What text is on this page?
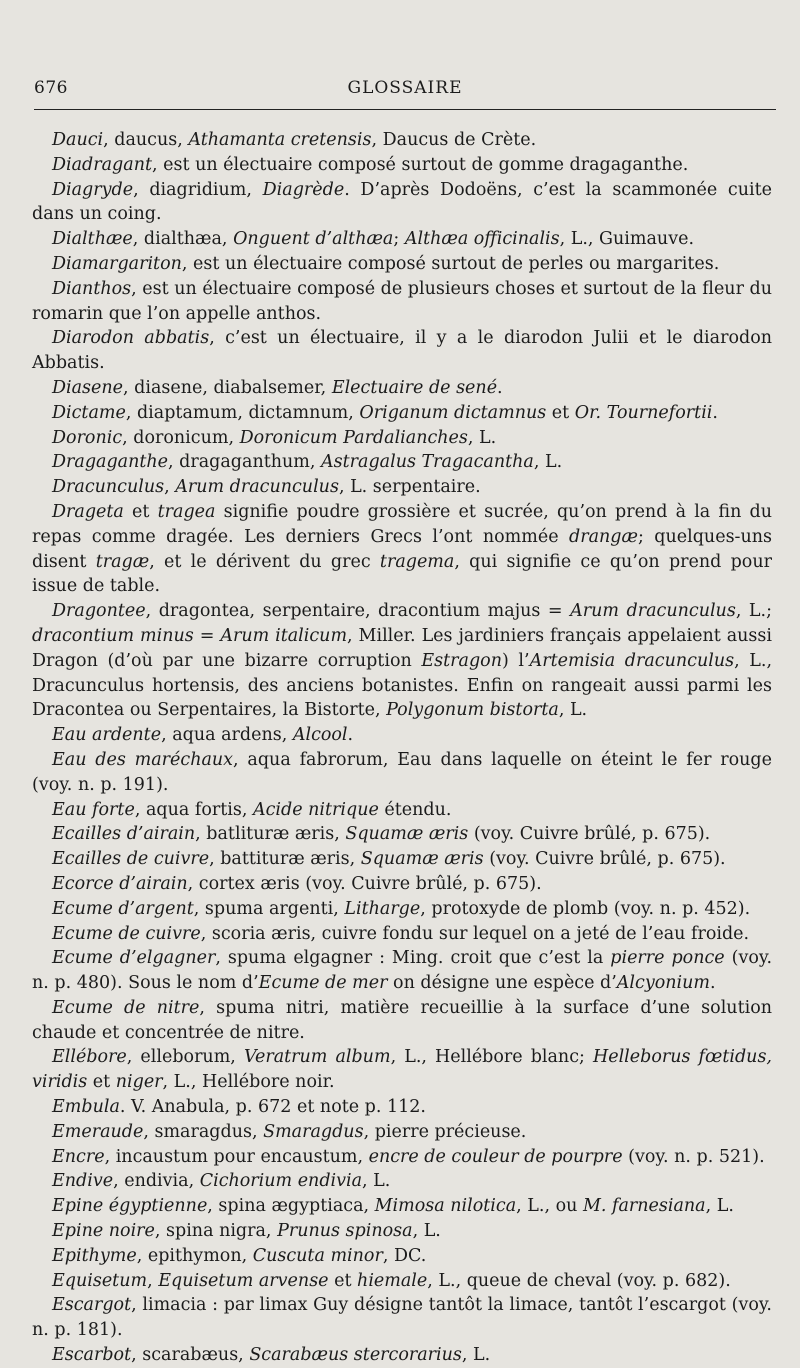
676	GLOSSAIRE

Dauci, daucus, Athamanta cretensis, Daucus de Crète.

Diadragant, est un électuaire composé surtout de gomme dragaganthe.

Diagryde, diagridium, Diagrède. D’après Dodoëns, c’est la scammonée cuite dans un coing.

Dialthæe, dialthæa, Onguent d’althæa; Althæa officinalis, L., Guimauve.

Diamargariton, est un électuaire composé surtout de perles ou margarites.

Dianthos, est un électuaire composé de plusieurs choses et surtout de la fleur du romarin que l’on appelle anthos.

Diarodon abbatis, c’est un électuaire, il y a le diarodon Julii et le diarodon Abbatis.

Diasene, diasene, diabalsemer, Electuaire de sené.

Dictame, diaptamum, dictamnum, Origanum dictamnus et Or. Tournefortii.

Doronic, doronicum, Doronicum Pardalianches, L.

Dragaganthe, dragaganthum, Astragalus Tragacantha, L.

Dracunculus, Arum dracunculus, L. serpentaire.

Drageta et tragea signifie poudre grossière et sucrée, qu’on prend à la fin du repas comme dragée. Les derniers Grecs l’ont nommée drangæ; quelques-uns disent tragæ, et le dérivent du grec tragema, qui signifie ce qu’on prend pour issue de table.

Dragontee, dragontea, serpentaire, dracontium majus = Arum dracunculus, L.; dracontium minus = Arum italicum, Miller. Les jardiniers français appelaient aussi Dragon (d’où par une bizarre corruption Estragon) l’Artemisia dracunculus, L., Dracunculus hortensis, des anciens botanistes. Enfin on rangeait aussi parmi les Dracontea ou Serpentaires, la Bistorte, Polygonum bistorta, L.

Eau ardente, aqua ardens, Alcool.

Eau des maréchaux, aqua fabrorum, Eau dans laquelle on éteint le fer rouge (voy. n. p. 191).

Eau forte, aqua fortis, Acide nitrique étendu.

Ecailles d’airain, batlituræ æris, Squamæ æris (voy. Cuivre brûlé, p. 675).

Ecailles de cuivre, battituræ æris, Squamæ æris (voy. Cuivre brûlé, p. 675).

Ecorce d’airain, cortex æris (voy. Cuivre brûlé, p. 675).

Ecume d’argent, spuma argenti, Litharge, protoxyde de plomb (voy. n. p. 452).

Ecume de cuivre, scoria æris, cuivre fondu sur lequel on a jeté de l’eau froide.

Ecume d’elgagner, spuma elgagner : Ming. croit que c’est la pierre ponce (voy. n. p. 480). Sous le nom d’Ecume de mer on désigne une espèce d’Alcyonium.

Ecume de nitre, spuma nitri, matière recueillie à la surface d’une solution chaude et concentrée de nitre.

Ellébore, elleborum, Veratrum album, L., Hellébore blanc; Helleborus fœtidus, viridis et niger, L., Hellébore noir.

Embula. V. Anabula, p. 672 et note p. 112.

Emeraude, smaragdus, Smaragdus, pierre précieuse.

Encre, incaustum pour encaustum, encre de couleur de pourpre (voy. n. p. 521).

Endive, endivia, Cichorium endivia, L.

Epine égyptienne, spina ægyptiaca, Mimosa nilotica, L., ou M. farnesiana, L.

Epine noire, spina nigra, Prunus spinosa, L.

Epithyme, epithymon, Cuscuta minor, DC.

Equisetum, Equisetum arvense et hiemale, L., queue de cheval (voy. p. 682).

Escargot, limacia : par limax Guy désigne tantôt la limace, tantôt l’escargot (voy. n. p. 181).

Escarbot, scarabæus, Scarabæus stercorarius, L.
